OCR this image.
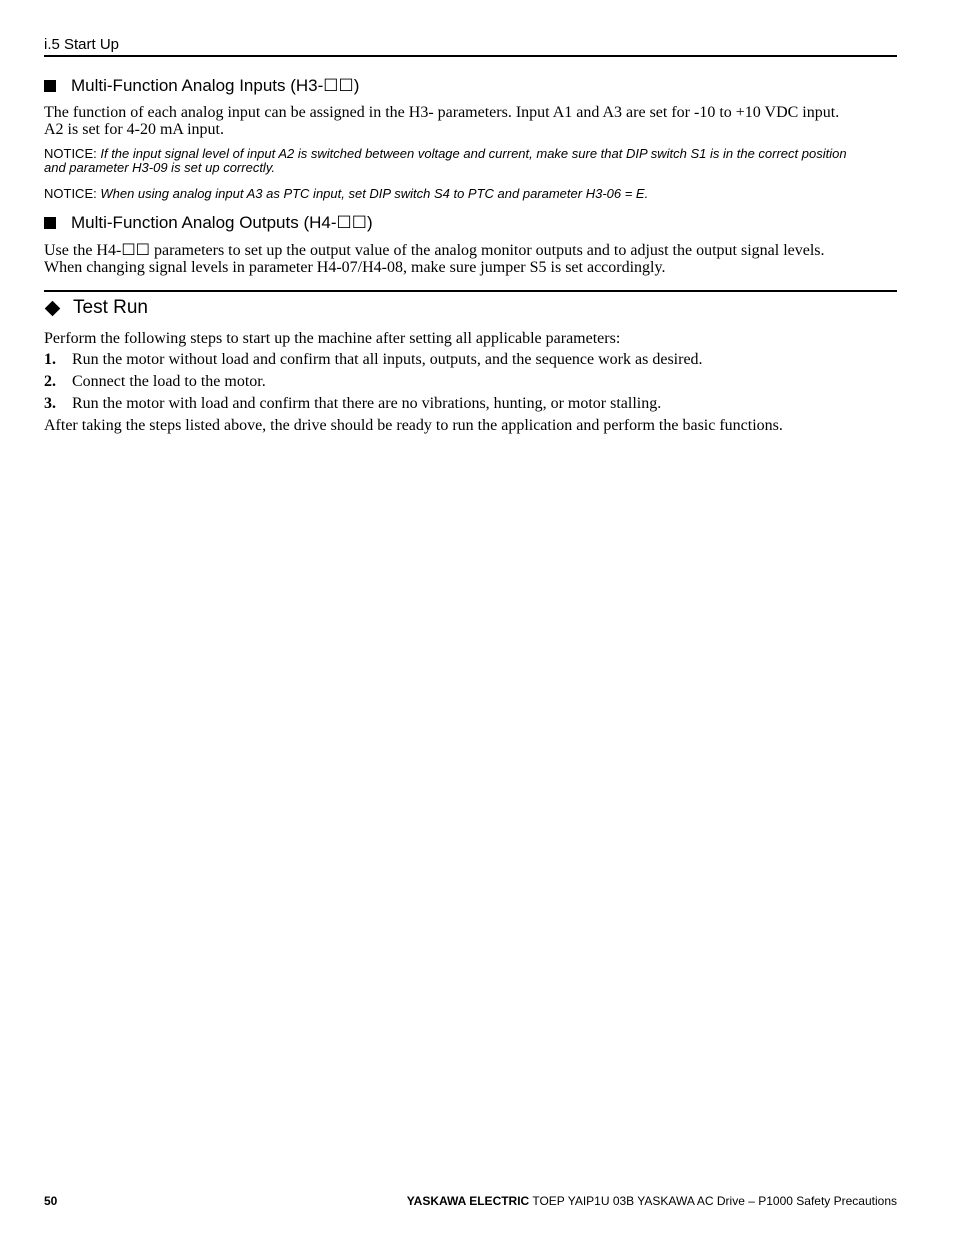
i.5 Start Up
Multi-Function Analog Inputs (H3- ☐☐ )
The function of each analog input can be assigned in the H3- parameters. Input A1 and A3 are set for -10 to +10 VDC input.
A2 is set for 4-20 mA input.
NOTICE: If the input signal level of input A2 is switched between voltage and current, make sure that DIP switch S1 is in the correct position
and parameter H3-09 is set up correctly.
NOTICE: When using analog input A3 as PTC input, set DIP switch S4 to PTC and parameter H3-06 = E.
Multi-Function Analog Outputs (H4- ☐☐ )
Use the H4-☐☐ parameters to set up the output value of the analog monitor outputs and to adjust the output signal levels.
When changing signal levels in parameter H4-07/H4-08, make sure jumper S5 is set accordingly.
Test Run
Perform the following steps to start up the machine after setting all applicable parameters:
1.	Run the motor without load and confirm that all inputs, outputs, and the sequence work as desired.
2.	Connect the load to the motor.
3.	Run the motor with load and confirm that there are no vibrations, hunting, or motor stalling.
After taking the steps listed above, the drive should be ready to run the application and perform the basic functions.
50	YASKAWA ELECTRIC TOEP YAIP1U 03B YASKAWA AC Drive – P1000 Safety Precautions
